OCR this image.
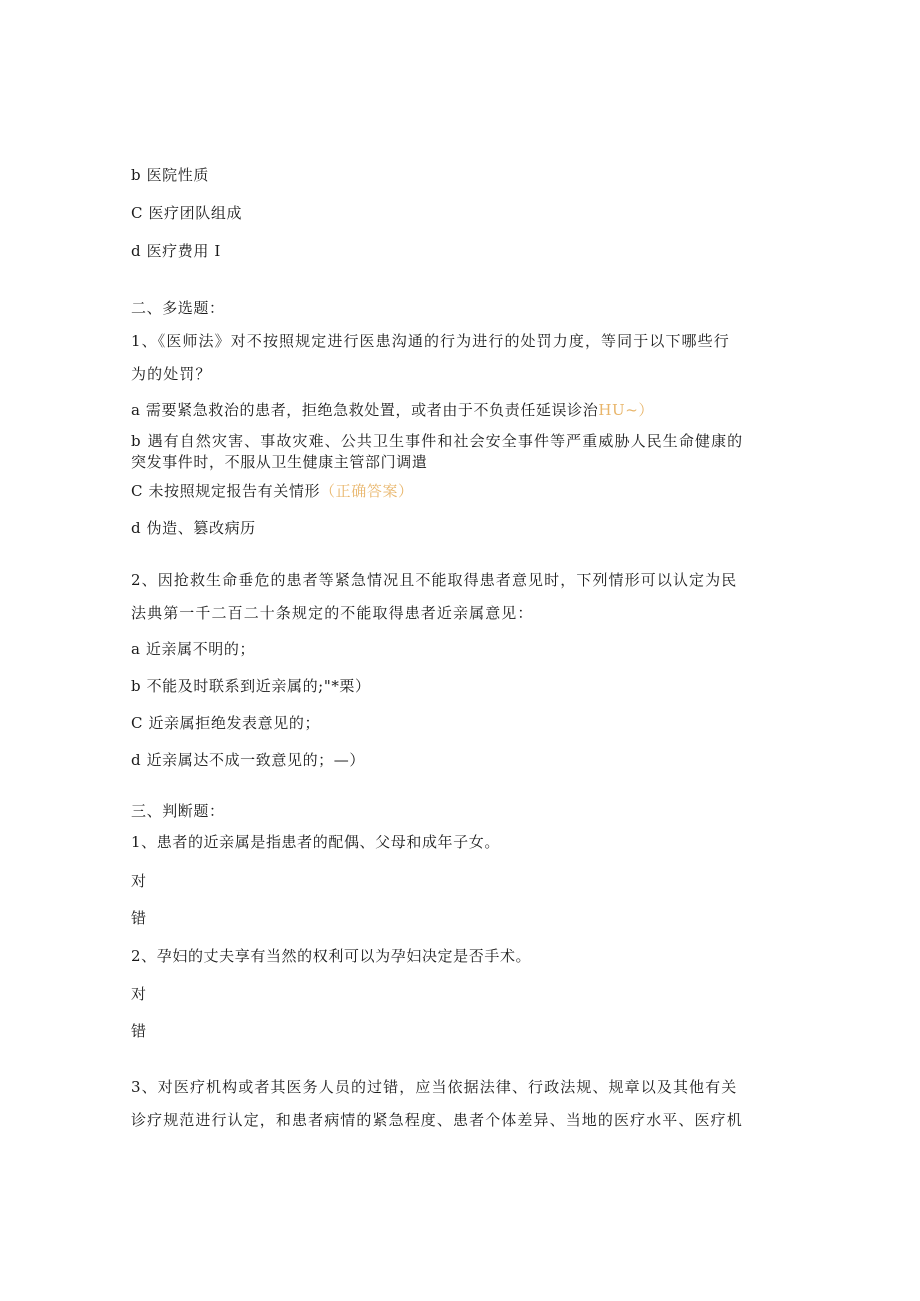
b 医院性质
C 医疗团队组成
d 医疗费用 I
二、多选题：
1、《医师法》对不按照规定进行医患沟通的行为进行的处罚力度，等同于以下哪些行
为的处罚？
a 需要紧急救治的患者，拒绝急救处置，或者由于不负责任延误诊治HU~）
b 遇有自然灾害、事故灾难、公共卫生事件和社会安全事件等严重威胁人民生命健康的
突发事件时，不服从卫生健康主管部门调遣
C 未按照规定报告有关情形（正确答案）
d 伪造、篡改病历
2、因抢救生命垂危的患者等紧急情况且不能取得患者意见时，下列情形可以认定为民
法典第一千二百二十条规定的不能取得患者近亲属意见：
a 近亲属不明的；
b 不能及时联系到近亲属的;"*栗）
C 近亲属拒绝发表意见的；
d 近亲属达不成一致意见的；—）
三、判断题：
1、患者的近亲属是指患者的配偶、父母和成年子女。
对
错
2、孕妇的丈夫享有当然的权利可以为孕妇决定是否手术。
对
错
3、对医疗机构或者其医务人员的过错，应当依据法律、行政法规、规章以及其他有关
诊疗规范进行认定，和患者病情的紧急程度、患者个体差异、当地的医疗水平、医疗机
